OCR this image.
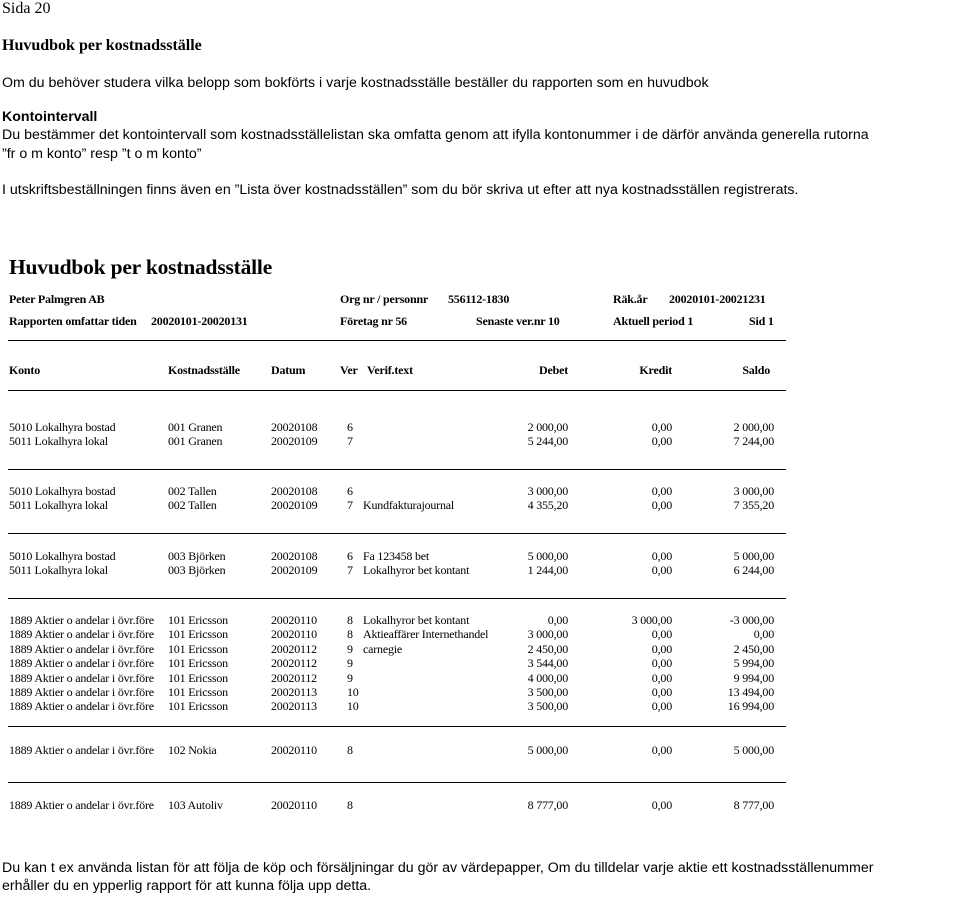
Sida 20
Huvudbok per kostnadsställe
Om du behöver studera vilka belopp som bokförts i varje kostnadsställe beställer du rapporten som en huvudbok
Kontointervall
Du bestämmer det kontointervall som kostnadsställelistan ska omfatta genom att ifylla kontonummer i de därför använda generella rutorna
”fr o m konto” resp ”t o m konto”
I utskriftsbeställningen finns även en ”Lista över kostnadsställen” som du bör skriva ut efter att nya kostnadsställen registrerats.
Huvudbok per kostnadsställe
Peter Palmgren AB	Org nr / personnr 556112-1830	Räk.år 20020101-20021231
Rapporten omfattar tiden 20020101-20020131	Företag nr 56	Senaste ver.nr 10	Aktuell period 1	Sid 1
Konto	Kostnadsställe	Datum	Ver Verif.text	Debet	Kredit	Saldo
5010 Lokalhyra bostad	001 Granen	20020108 6	2 000,00	0,00	2 000,00
5011 Lokalhyra lokal	001 Granen	20020109 7	5 244,00	0,00	7 244,00
5010 Lokalhyra bostad	002 Tallen	20020108 6	3 000,00	0,00	3 000,00
5011 Lokalhyra lokal	002 Tallen	20020109 7 Kundfakturajournal	4 355,20	0,00	7 355,20
5010 Lokalhyra bostad	003 Björken	20020108 6 Fa 123458 bet	5 000,00	0,00	5 000,00
5011 Lokalhyra lokal	003 Björken	20020109 7 Lokalhyror bet kontant	1 244,00	0,00	6 244,00
1889 Aktier o andelar i övr.före 101 Ericsson	20020110	8 Lokalhyror bet kontant	0,00	3 000,00	-3 000,00
1889 Aktier o andelar i övr.före 101 Ericsson	20020110	8 Aktieaffärer Internethandel	3 000,00	0,00	0,00
1889 Aktier o andelar i övr.före 101 Ericsson	20020112	9 carnegie	2 450,00	0,00	2 450,00
1889 Aktier o andelar i övr.före 101 Ericsson	20020112	9	3 544,00	0,00	5 994,00
1889 Aktier o andelar i övr.före 101 Ericsson	20020112	9	4 000,00	0,00	9 994,00
1889 Aktier o andelar i övr.före 101 Ericsson	20020113	10	3 500,00	0,00	13 494,00
1889 Aktier o andelar i övr.före 101 Ericsson	20020113	10	3 500,00	0,00	16 994,00
1889 Aktier o andelar i övr.före 102 Nokia	20020110	8	5 000,00	0,00	5 000,00
1889 Aktier o andelar i övr.före 103 Autoliv	20020110	8	8 777,00	0,00	8 777,00
Du kan t ex använda listan för att följa de köp och försäljningar du gör av värdepapper, Om du tilldelar varje aktie ett kostnadsställenummer
erhåller du en ypperlig rapport för att kunna följa upp detta.
